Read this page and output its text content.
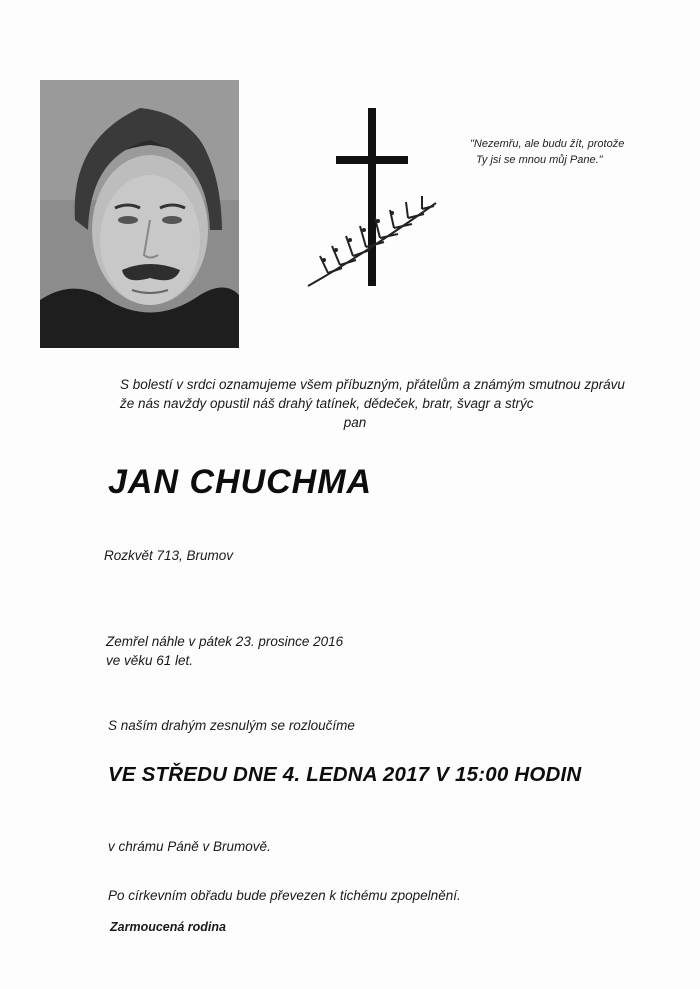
"Nezemřu, ale budu žít, protože
Ty jsi se mnou můj Pane."
S bolestí v srdci oznamujeme všem příbuzným, přátelům a známým smutnou zprávu
že nás navždy opustil náš drahý tatínek, dědeček, bratr, švagr a strýc
pan
JAN CHUCHMA
Rozkvět 713, Brumov
Zemřel náhle v pátek 23. prosince 2016
ve věku 61 let.
S naším drahým zesnulým se rozloučíme
VE STŘEDU DNE 4. LEDNA 2017 V 15:00 HODIN
v chrámu Páně v Brumově.
Po církevním obřadu bude převezen k tichému zpopelnění.
Zarmoucená rodina
